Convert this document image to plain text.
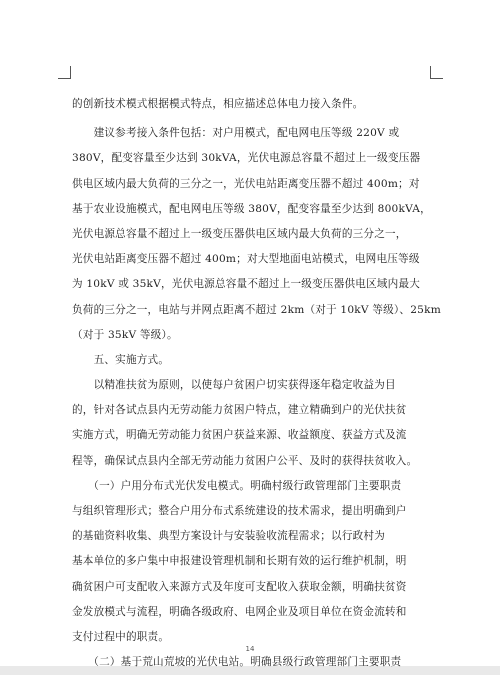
的创新技术模式根据模式特点，相应描述总体电力接入条件。
　　建议参考接入条件包括：对户用模式，配电网电压等级 220V 或
380V，配变容量至少达到 30kVA，光伏电源总容量不超过上一级变压器
供电区域内最大负荷的三分之一，光伏电站距离变压器不超过 400m；对
基于农业设施模式，配电网电压等级 380V，配变容量至少达到 800kVA，
光伏电源总容量不超过上一级变压器供电区域内最大负荷的三分之一，
光伏电站距离变压器不超过 400m；对大型地面电站模式，电网电压等级
为 10kV 或 35kV，光伏电源总容量不超过上一级变压器供电区域内最大
负荷的三分之一，电站与并网点距离不超过 2km（对于 10kV 等级）、25km
（对于 35kV 等级）。
　　五、实施方式。
　　以精准扶贫为原则，以使每户贫困户切实获得逐年稳定收益为目
的，针对各试点县内无劳动能力贫困户特点，建立精确到户的光伏扶贫
实施方式，明确无劳动能力贫困户获益来源、收益额度、获益方式及流
程等，确保试点县内全部无劳动能力贫困户公平、及时的获得扶贫收入。
　　（一）户用分布式光伏发电模式。明确村级行政管理部门主要职责
与组织管理形式；整合户用分布式系统建设的技术需求，提出明确到户
的基础资料收集、典型方案设计与安装验收流程需求；以行政村为
基本单位的多户集中申报建设管理机制和长期有效的运行维护机制，明
确贫困户可支配收入来源方式及年度可支配收入获取金额，明确扶贫资
金发放模式与流程，明确各级政府、电网企业及项目单位在资金流转和
支付过程中的职责。
　　（二）基于荒山荒坡的光伏电站。明确县级行政管理部门主要职责
14
